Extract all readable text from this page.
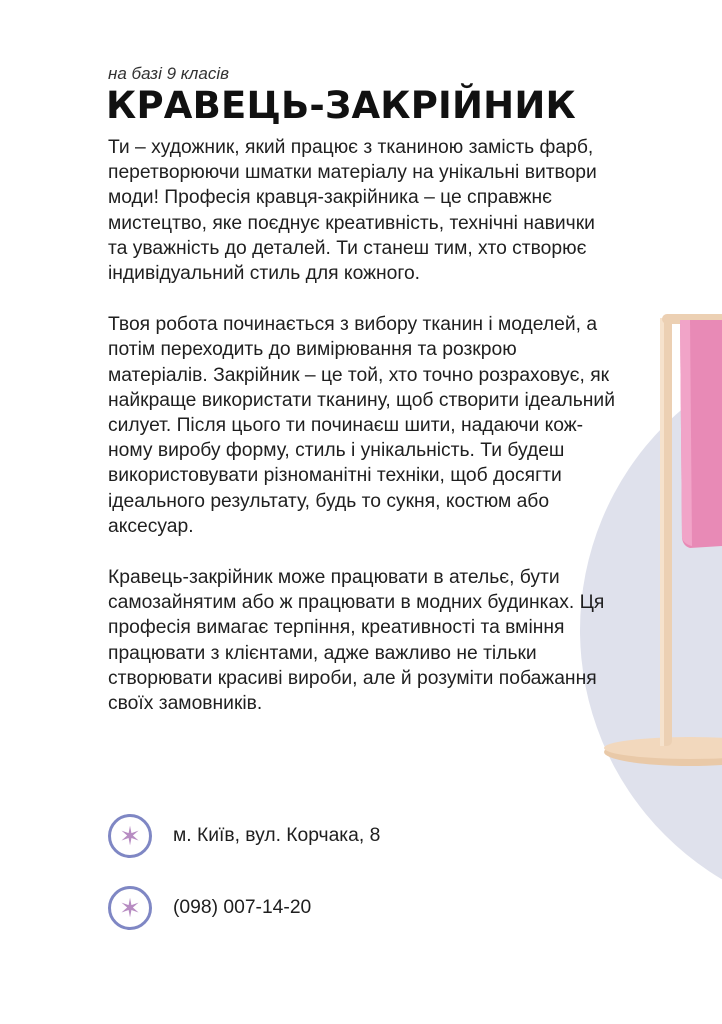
на базі 9 класів
КРАВЕЦЬ-ЗАКРІЙНИК

Ти – художник, який працює з тканиною замість фарб, перетворюючи шматки матеріалу на унікальні витвори моди! Професія кравця-закрійника – це справжнє мистецтво, яке поєднує креативність, технічні навички та уважність до деталей. Ти станеш тим, хто створює індивідуальний стиль для кожного.

Твоя робота починається з вибору тканин і моделей, а потім переходить до вимірювання та розкрою матеріалів. Закрійник – це той, хто точно розраховує, як найкраще використати тканину, щоб створити ідеальний силует. Після цього ти починаєш шити, надаючи кожному виробу форму, стиль і унікальність. Ти будеш використовувати різноманітні техніки, щоб досягти ідеального результату, будь то сукня, костюм або аксесуар.

Кравець-закрійник може працювати в ательє, бути самозайнятим або ж працювати в модних будинках. Ця професія вимагає терпіння, креативності та вміння працювати з клієнтами, адже важливо не тільки створювати красиві вироби, але й розуміти побажання своїх замовників.

✶	м. Київ, вул. Корчака, 8
✶	(098) 007-14-20
